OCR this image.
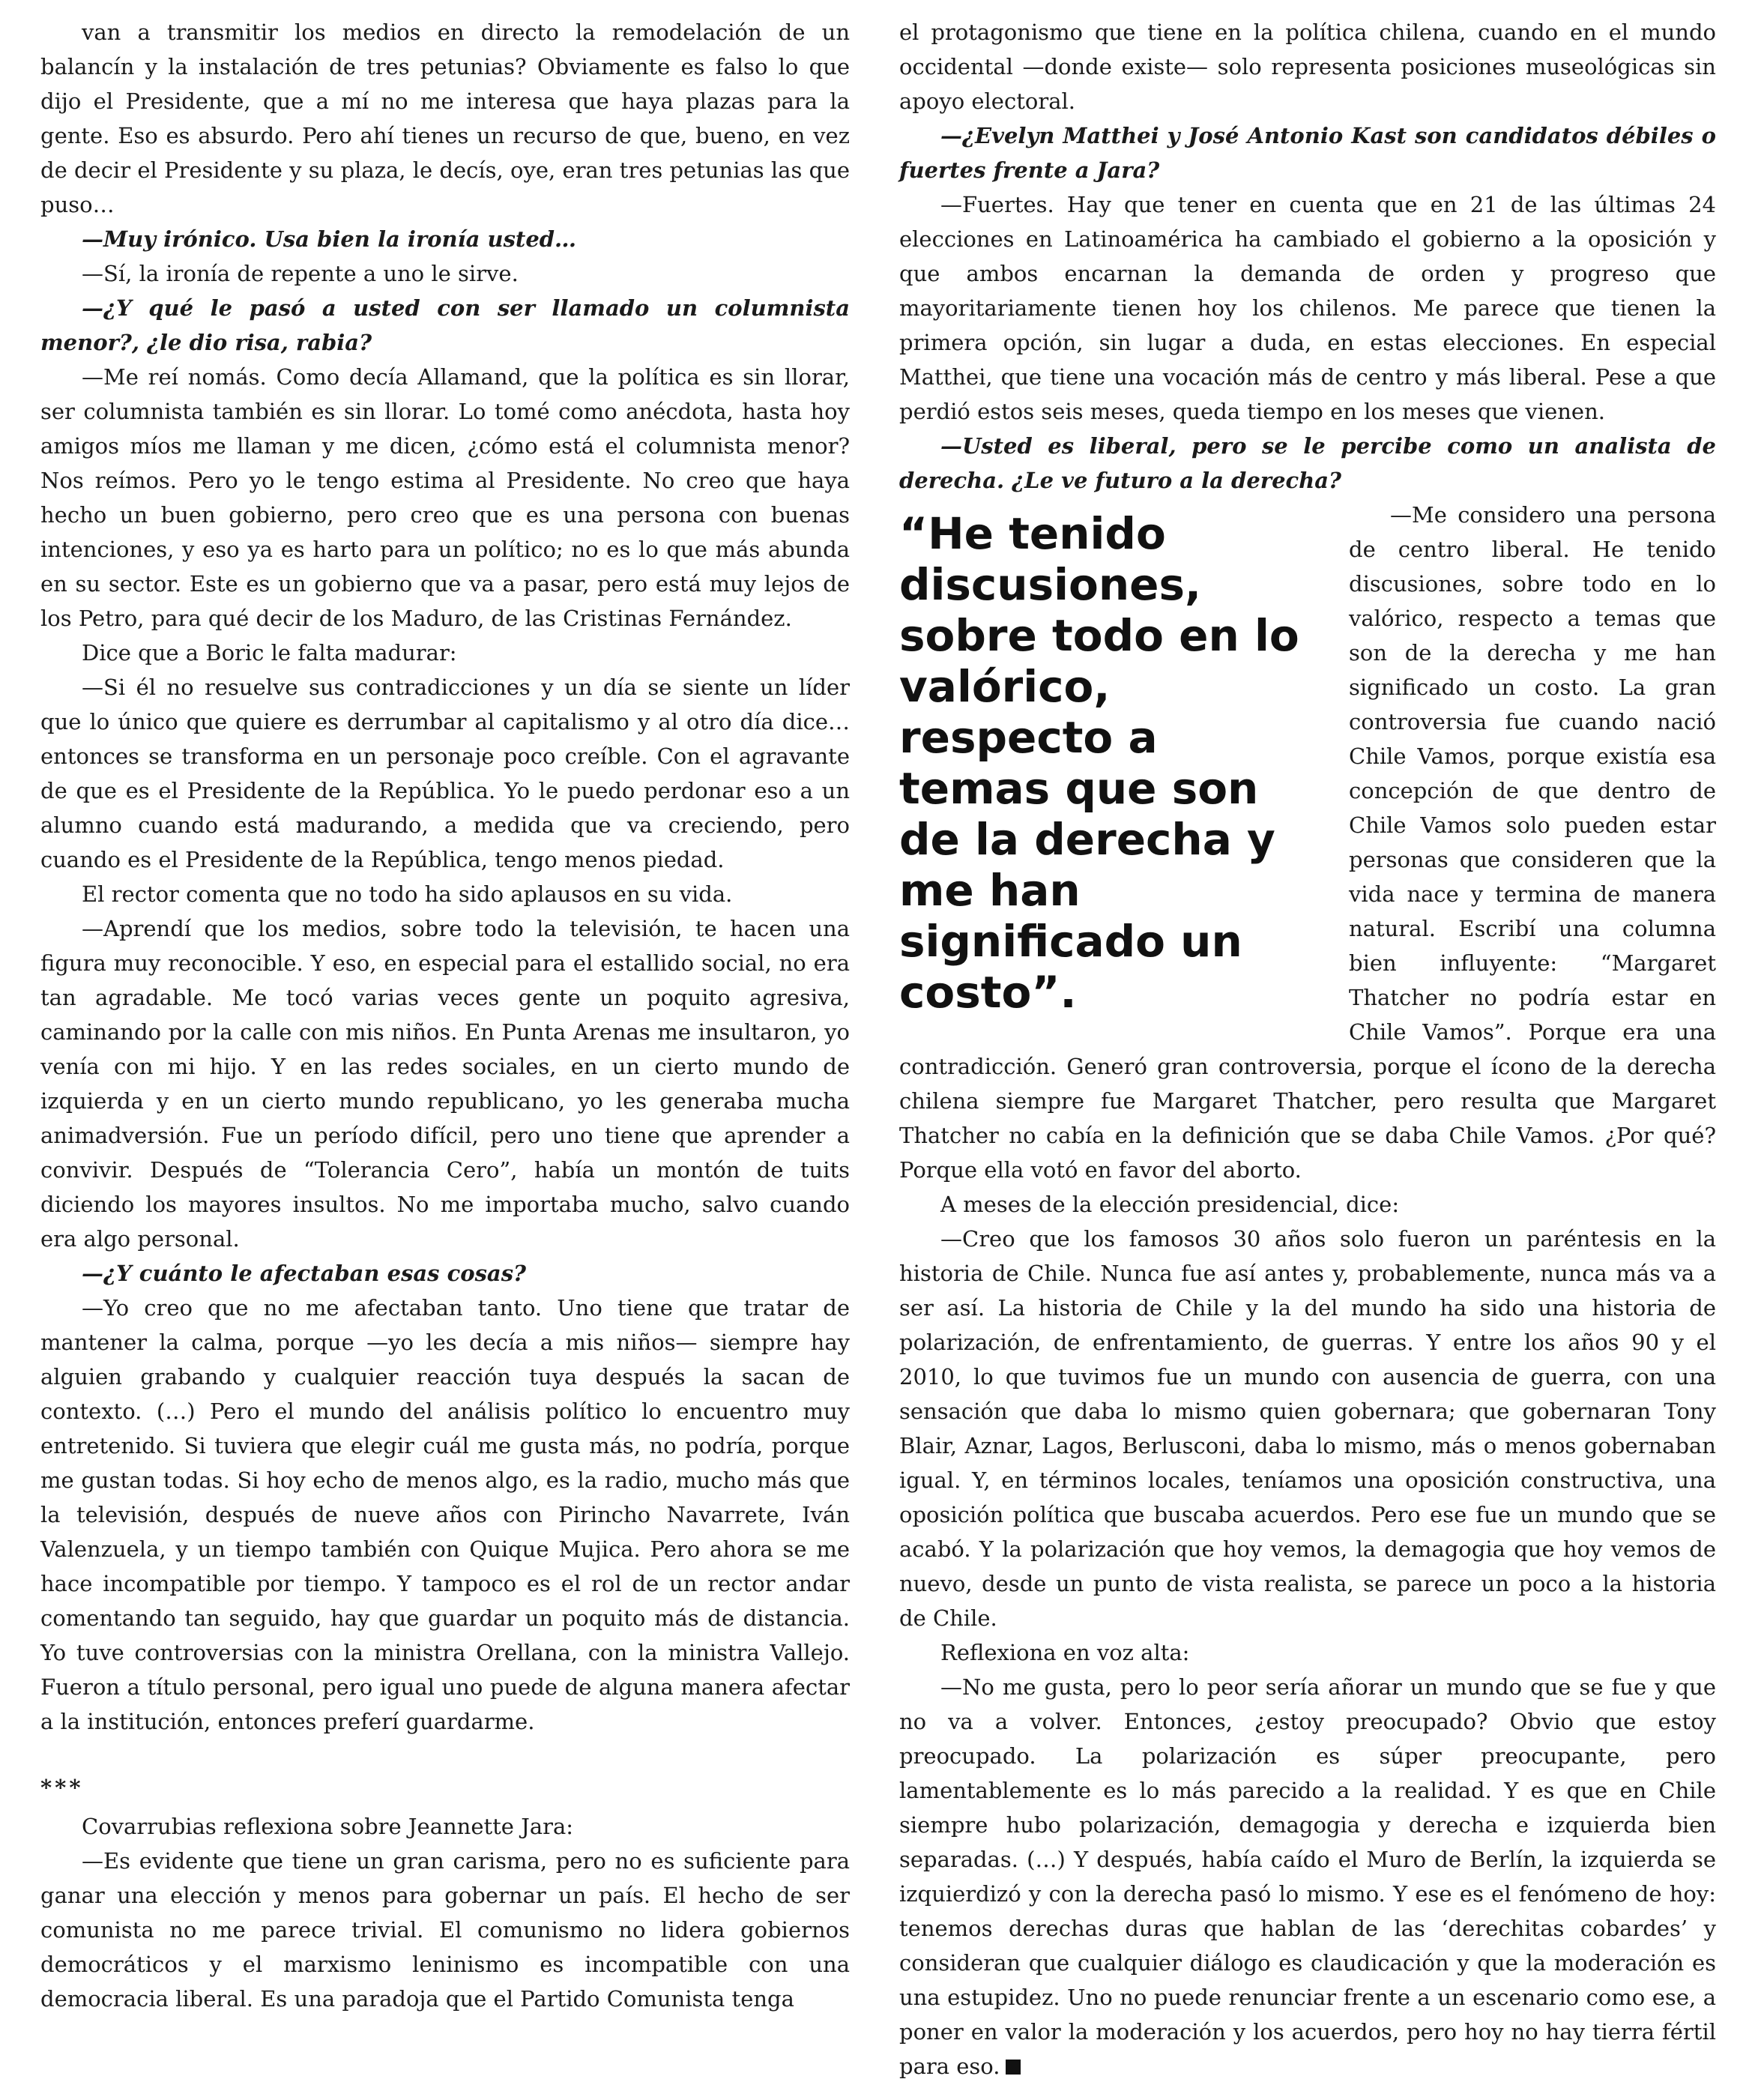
van a transmitir los medios en directo la remodelación de un balancín y la instalación de tres petunias? Obviamente es falso lo que dijo el Presidente, que a mí no me interesa que haya plazas para la gente. Eso es absurdo. Pero ahí tienes un recurso de que, bueno, en vez de decir el Presidente y su plaza, le decís, oye, eran tres petunias las que puso…

—Muy irónico. Usa bien la ironía usted…

—Sí, la ironía de repente a uno le sirve.

—¿Y qué le pasó a usted con ser llamado un columnista menor?, ¿le dio risa, rabia?

—Me reí nomás. Como decía Allamand, que la política es sin llorar, ser columnista también es sin llorar. Lo tomé como anécdota, hasta hoy amigos míos me llaman y me dicen, ¿cómo está el columnista menor? Nos reímos. Pero yo le tengo estima al Presidente. No creo que haya hecho un buen gobierno, pero creo que es una persona con buenas intenciones, y eso ya es harto para un político; no es lo que más abunda en su sector. Este es un gobierno que va a pasar, pero está muy lejos de los Petro, para qué decir de los Maduro, de las Cristinas Fernández.

Dice que a Boric le falta madurar:

—Si él no resuelve sus contradicciones y un día se siente un líder que lo único que quiere es derrumbar al capitalismo y al otro día dice… entonces se transforma en un personaje poco creíble. Con el agravante de que es el Presidente de la República. Yo le puedo perdonar eso a un alumno cuando está madurando, a medida que va creciendo, pero cuando es el Presidente de la República, tengo menos piedad.

El rector comenta que no todo ha sido aplausos en su vida.

—Aprendí que los medios, sobre todo la televisión, te hacen una figura muy reconocible. Y eso, en especial para el estallido social, no era tan agradable. Me tocó varias veces gente un poquito agresiva, caminando por la calle con mis niños. En Punta Arenas me insultaron, yo venía con mi hijo. Y en las redes sociales, en un cierto mundo de izquierda y en un cierto mundo republicano, yo les generaba mucha animadversión. Fue un período difícil, pero uno tiene que aprender a convivir. Después de “Tolerancia Cero”, había un montón de tuits diciendo los mayores insultos. No me importaba mucho, salvo cuando era algo personal.

—¿Y cuánto le afectaban esas cosas?

—Yo creo que no me afectaban tanto. Uno tiene que tratar de mantener la calma, porque —yo les decía a mis niños— siempre hay alguien grabando y cualquier reacción tuya después la sacan de contexto. (…) Pero el mundo del análisis político lo encuentro muy entretenido. Si tuviera que elegir cuál me gusta más, no podría, porque me gustan todas. Si hoy echo de menos algo, es la radio, mucho más que la televisión, después de nueve años con Pirincho Navarrete, Iván Valenzuela, y un tiempo también con Quique Mujica. Pero ahora se me hace incompatible por tiempo. Y tampoco es el rol de un rector andar comentando tan seguido, hay que guardar un poquito más de distancia. Yo tuve controversias con la ministra Orellana, con la ministra Vallejo. Fueron a título personal, pero igual uno puede de alguna manera afectar a la institución, entonces preferí guardarme.

***

Covarrubias reflexiona sobre Jeannette Jara:

—Es evidente que tiene un gran carisma, pero no es suficiente para ganar una elección y menos para gobernar un país. El hecho de ser comunista no me parece trivial. El comunismo no lidera gobiernos democráticos y el marxismo leninismo es incompatible con una democracia liberal. Es una paradoja que el Partido Comunista tenga

el protagonismo que tiene en la política chilena, cuando en el mundo occidental —donde existe— solo representa posiciones museológicas sin apoyo electoral.

—¿Evelyn Matthei y José Antonio Kast son candidatos débiles o fuertes frente a Jara?

—Fuertes. Hay que tener en cuenta que en 21 de las últimas 24 elecciones en Latinoamérica ha cambiado el gobierno a la oposición y que ambos encarnan la demanda de orden y progreso que mayoritariamente tienen hoy los chilenos. Me parece que tienen la primera opción, sin lugar a duda, en estas elecciones. En especial Matthei, que tiene una vocación más de centro y más liberal. Pese a que perdió estos seis meses, queda tiempo en los meses que vienen.

—Usted es liberal, pero se le percibe como un analista de derecha. ¿Le ve futuro a la derecha?

“He tenido discusiones, sobre todo en lo valórico, respecto a temas que son de la derecha y me han significado un costo”.

—Me considero una persona de centro liberal. He tenido discusiones, sobre todo en lo valórico, respecto a temas que son de la derecha y me han significado un costo. La gran controversia fue cuando nació Chile Vamos, porque existía esa concepción de que dentro de Chile Vamos solo pueden estar personas que consideren que la vida nace y termina de manera natural. Escribí una columna bien influyente: “Margaret Thatcher no podría estar en Chile Vamos”. Porque era una contradicción. Generó gran controversia, porque el ícono de la derecha chilena siempre fue Margaret Thatcher, pero resulta que Margaret Thatcher no cabía en la definición que se daba Chile Vamos. ¿Por qué? Porque ella votó en favor del aborto.

A meses de la elección presidencial, dice:

—Creo que los famosos 30 años solo fueron un paréntesis en la historia de Chile. Nunca fue así antes y, probablemente, nunca más va a ser así. La historia de Chile y la del mundo ha sido una historia de polarización, de enfrentamiento, de guerras. Y entre los años 90 y el 2010, lo que tuvimos fue un mundo con ausencia de guerra, con una sensación que daba lo mismo quien gobernara; que gobernaran Tony Blair, Aznar, Lagos, Berlusconi, daba lo mismo, más o menos gobernaban igual. Y, en términos locales, teníamos una oposición constructiva, una oposición política que buscaba acuerdos. Pero ese fue un mundo que se acabó. Y la polarización que hoy vemos, la demagogia que hoy vemos de nuevo, desde un punto de vista realista, se parece un poco a la historia de Chile.

Reflexiona en voz alta:

—No me gusta, pero lo peor sería añorar un mundo que se fue y que no va a volver. Entonces, ¿estoy preocupado? Obvio que estoy preocupado. La polarización es súper preocupante, pero lamentablemente es lo más parecido a la realidad. Y es que en Chile siempre hubo polarización, demagogia y derecha e izquierda bien separadas. (…) Y después, había caído el Muro de Berlín, la izquierda se izquierdizó y con la derecha pasó lo mismo. Y ese es el fenómeno de hoy: tenemos derechas duras que hablan de las ‘derechitas cobardes’ y consideran que cualquier diálogo es claudicación y que la moderación es una estupidez. Uno no puede renunciar frente a un escenario como ese, a poner en valor la moderación y los acuerdos, pero hoy no hay tierra fértil para eso.
